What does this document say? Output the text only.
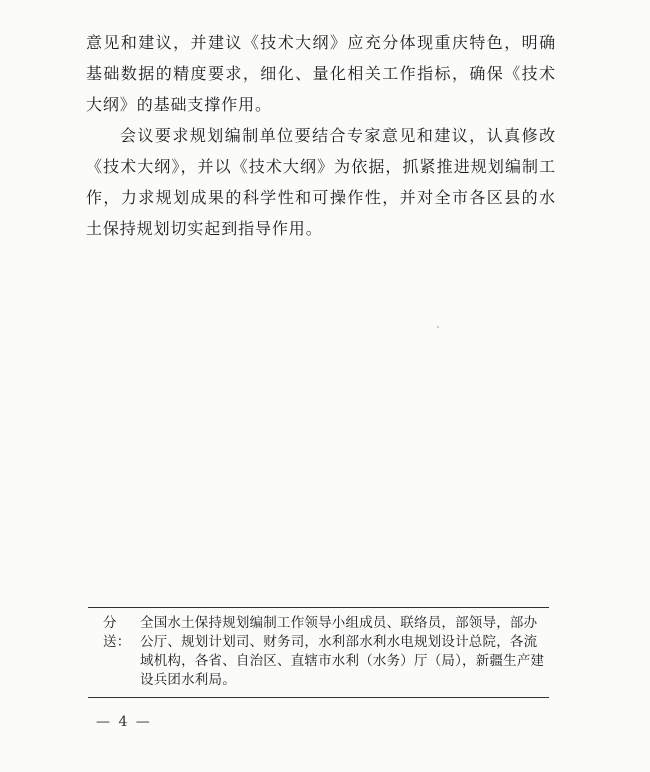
意见和建议，并建议《技术大纲》应充分体现重庆特色，明确基础数据的精度要求，细化、量化相关工作指标，确保《技术大纲》的基础支撑作用。

会议要求规划编制单位要结合专家意见和建议，认真修改《技术大纲》，并以《技术大纲》为依据，抓紧推进规划编制工作，力求规划成果的科学性和可操作性，并对全市各区县的水土保持规划切实起到指导作用。

分送：
全国水土保持规划编制工作领导小组成员、联络员，部领导，部办公厅、规划计划司、财务司，水利部水利水电规划设计总院，各流域机构，各省、自治区、直辖市水利（水务）厅（局），新疆生产建设兵团水利局。
— 4 —
